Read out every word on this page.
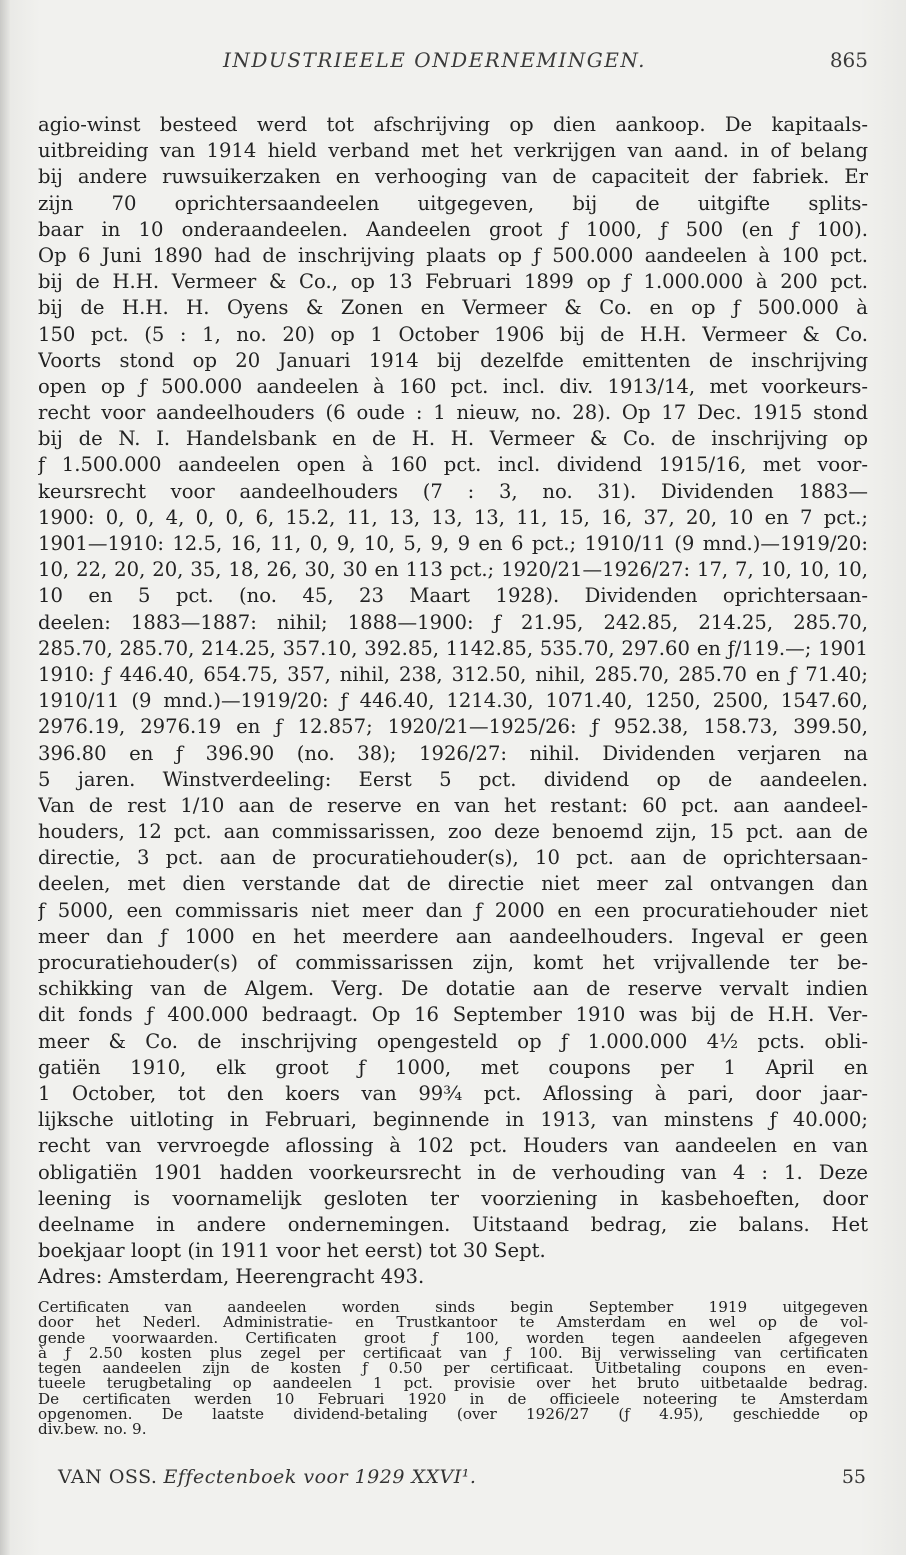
INDUSTRIEELE ONDERNEMINGEN.	865
agio-winst besteed werd tot afschrijving op dien aankoop. De kapitaals-
uitbreiding van 1914 hield verband met het verkrijgen van aand. in of belang
bij andere ruwsuikerzaken en verhooging van de capaciteit der fabriek. Er
zijn 70 oprichtersaandeelen uitgegeven, bij de uitgifte splits-
baar in 10 onderaandeelen. Aandeelen groot ƒ 1000, ƒ 500 (en ƒ 100).
Op 6 Juni 1890 had de inschrijving plaats op ƒ 500.000 aandeelen à 100 pct.
bij de H.H. Vermeer & Co., op 13 Februari 1899 op ƒ 1.000.000 à 200 pct.
bij de H.H. H. Oyens & Zonen en Vermeer & Co. en op ƒ 500.000 à
150 pct. (5 : 1, no. 20) op 1 October 1906 bij de H.H. Vermeer & Co.
Voorts stond op 20 Januari 1914 bij dezelfde emittenten de inschrijving
open op ƒ 500.000 aandeelen à 160 pct. incl. div. 1913/14, met voorkeurs-
recht voor aandeelhouders (6 oude : 1 nieuw, no. 28). Op 17 Dec. 1915 stond
bij de N. I. Handelsbank en de H. H. Vermeer & Co. de inschrijving op
ƒ 1.500.000 aandeelen open à 160 pct. incl. dividend 1915/16, met voor-
keursrecht voor aandeelhouders (7 : 3, no. 31). Dividenden 1883—
1900: 0, 0, 4, 0, 0, 6, 15.2, 11, 13, 13, 13, 11, 15, 16, 37, 20, 10 en 7 pct.;
1901—1910: 12.5, 16, 11, 0, 9, 10, 5, 9, 9 en 6 pct.; 1910/11 (9 mnd.)—1919/20:
10, 22, 20, 20, 35, 18, 26, 30, 30 en 113 pct.; 1920/21—1926/27: 17, 7, 10, 10, 10,
10 en 5 pct. (no. 45, 23 Maart 1928). Dividenden oprichtersaan-
deelen: 1883—1887: nihil; 1888—1900: ƒ 21.95, 242.85, 214.25, 285.70,
285.70, 285.70, 214.25, 357.10, 392.85, 1142.85, 535.70, 297.60 en ƒ/119.—; 1901
1910: ƒ 446.40, 654.75, 357, nihil, 238, 312.50, nihil, 285.70, 285.70 en ƒ 71.40;
1910/11 (9 mnd.)—1919/20: ƒ 446.40, 1214.30, 1071.40, 1250, 2500, 1547.60,
2976.19, 2976.19 en ƒ 12.857; 1920/21—1925/26: ƒ 952.38, 158.73, 399.50,
396.80 en ƒ 396.90 (no. 38); 1926/27: nihil. Dividenden verjaren na
5 jaren. Winstverdeeling: Eerst 5 pct. dividend op de aandeelen.
Van de rest 1/10 aan de reserve en van het restant: 60 pct. aan aandeel-
houders, 12 pct. aan commissarissen, zoo deze benoemd zijn, 15 pct. aan de
directie, 3 pct. aan de procuratiehouder(s), 10 pct. aan de oprichtersaan-
deelen, met dien verstande dat de directie niet meer zal ontvangen dan
ƒ 5000, een commissaris niet meer dan ƒ 2000 en een procuratiehouder niet
meer dan ƒ 1000 en het meerdere aan aandeelhouders. Ingeval er geen
procuratiehouder(s) of commissarissen zijn, komt het vrijvallende ter be-
schikking van de Algem. Verg. De dotatie aan de reserve vervalt indien
dit fonds ƒ 400.000 bedraagt. Op 16 September 1910 was bij de H.H. Ver-
meer & Co. de inschrijving opengesteld op ƒ 1.000.000 4½ pcts. obli-
gatiën 1910, elk groot ƒ 1000, met coupons per 1 April en
1 October, tot den koers van 99¾ pct. Aflossing à pari, door jaar-
lijksche uitloting in Februari, beginnende in 1913, van minstens ƒ 40.000;
recht van vervroegde aflossing à 102 pct. Houders van aandeelen en van
obligatiën 1901 hadden voorkeursrecht in de verhouding van 4 : 1. Deze
leening is voornamelijk gesloten ter voorziening in kasbehoeften, door
deelname in andere ondernemingen. Uitstaand bedrag, zie balans. Het
boekjaar loopt (in 1911 voor het eerst) tot 30 Sept.
Adres: Amsterdam, Heerengracht 493.
Certificaten van aandeelen worden sinds begin September 1919 uitgegeven
door het Nederl. Administratie- en Trustkantoor te Amsterdam en wel op de vol-
gende voorwaarden. Certificaten groot ƒ 100, worden tegen aandeelen afgegeven
à ƒ 2.50 kosten plus zegel per certificaat van ƒ 100. Bij verwisseling van certificaten
tegen aandeelen zijn de kosten ƒ 0.50 per certificaat. Uitbetaling coupons en even-
tueele terugbetaling op aandeelen 1 pct. provisie over het bruto uitbetaalde bedrag.
De certificaten werden 10 Februari 1920 in de officieele noteering te Amsterdam
opgenomen. De laatste dividend-betaling (over 1926/27 (ƒ 4.95), geschiedde op
div.bew. no. 9.
VAN OSS. Effectenboek voor 1929 XXVI¹.	55
